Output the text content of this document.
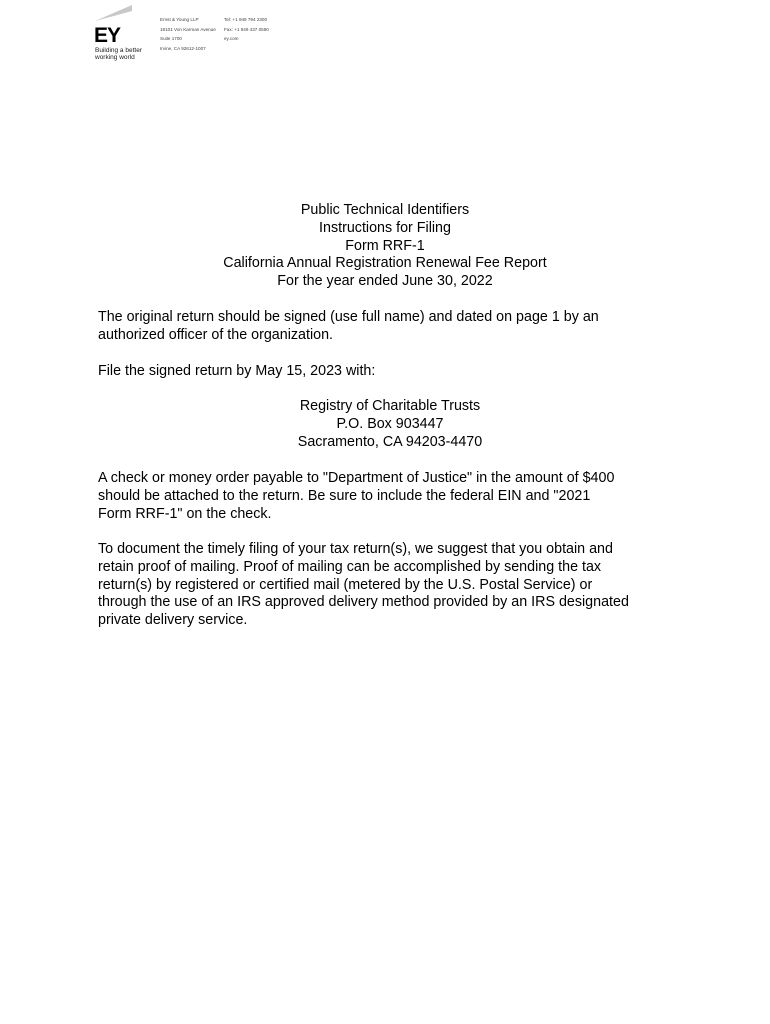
EY
Building a better
working world
Ernst & Young LLP
18101 Von Karman Avenue
Suite 1700
Irvine, CA 92612-1007
Tel: +1 949 794 2300
Fax: +1 949 437 0590
ey.com
Public Technical Identifiers
Instructions for Filing
Form RRF-1
California Annual Registration Renewal Fee Report
For the year ended June 30, 2022
The original return should be signed (use full name) and dated on page 1 by an
authorized officer of the organization.
File the signed return by May 15, 2023 with:
Registry of Charitable Trusts
P.O. Box 903447
Sacramento, CA 94203-4470
A check or money order payable to "Department of Justice" in the amount of $400
should be attached to the return. Be sure to include the federal EIN and "2021
Form RRF-1" on the check.
To document the timely filing of your tax return(s), we suggest that you obtain and
retain proof of mailing. Proof of mailing can be accomplished by sending the tax
return(s) by registered or certified mail (metered by the U.S. Postal Service) or
through the use of an IRS approved delivery method provided by an IRS designated
private delivery service.
